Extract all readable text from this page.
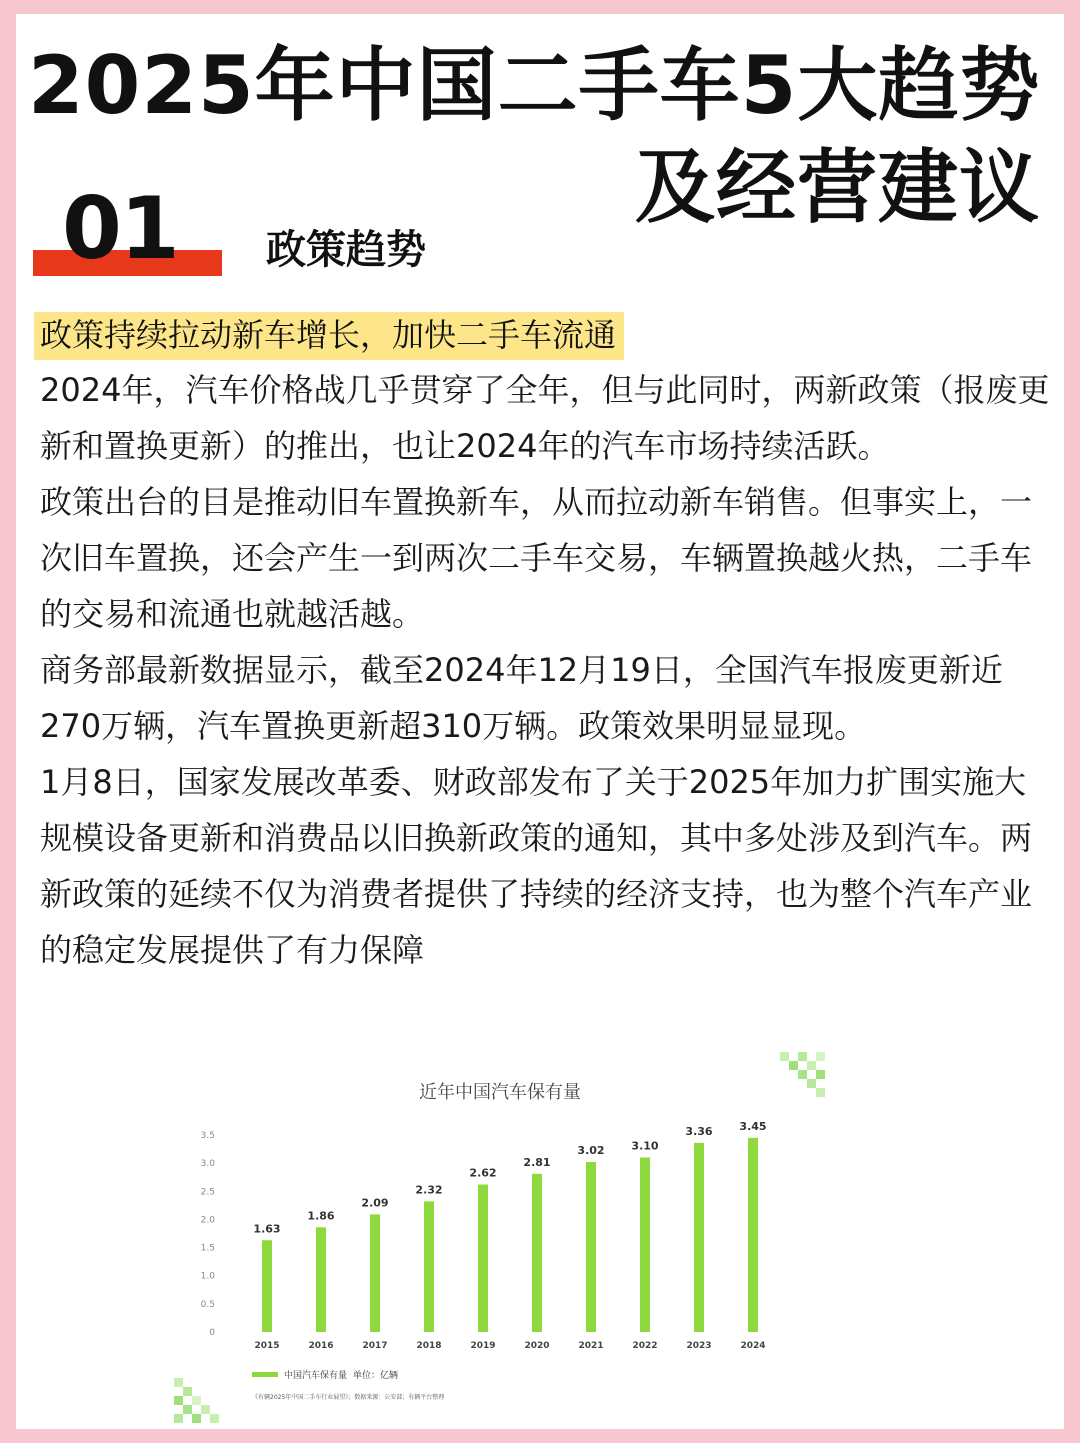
2025年中国二手车5大趋势
及经营建议
01 政策趋势
政策持续拉动新车增长，加快二手车流通

2024年，汽车价格战几乎贯穿了全年，但与此同时，两新政策（报废更新和置换更新）的推出，也让2024年的汽车市场持续活跃。

政策出台的目是推动旧车置换新车，从而拉动新车销售。但事实上，一次旧车置换，还会产生一到两次二手车交易，车辆置换越火热，二手车的交易和流通也就越活越。

商务部最新数据显示，截至2024年12月19日，全国汽车报废更新近270万辆，汽车置换更新超310万辆。政策效果明显显现。

1月8日，国家发展改革委、财政部发布了关于2025年加力扩围实施大规模设备更新和消费品以旧换新政策的通知，其中多处涉及到汽车。两新政策的延续不仅为消费者提供了持续的经济支持，也为整个汽车产业的稳定发展提供了有力保障

近年中国汽车保有量
0
0.5
1.0
1.5
2.0
2.5
3.0
3.5
1.63
2015
1.86
2016
2.09
2017
2.32
2018
2.62
2019
2.81
2020
3.02
2021
3.10
2022
3.36
2023
3.45
2024
中国汽车保有量 单位：亿辆
《有辆2025年中国二手车行业展望》；数据来源：公安部；有辆平台整理
